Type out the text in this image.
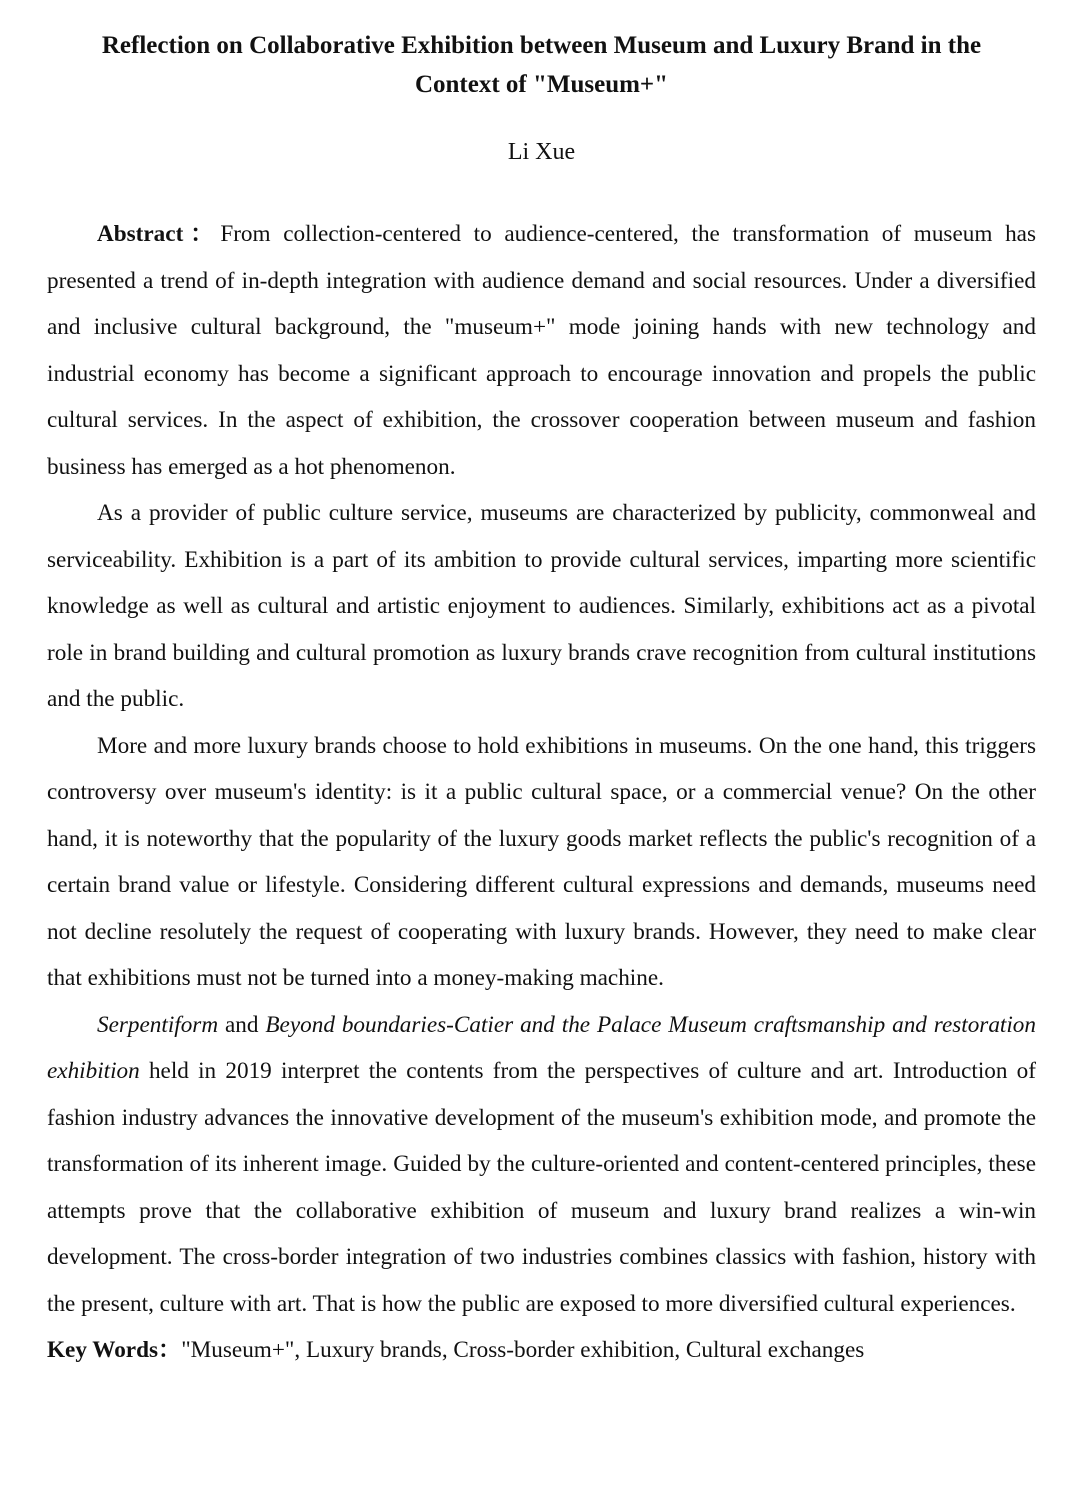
Reflection on Collaborative Exhibition between Museum and Luxury Brand in the
Context of "Museum+"
Li Xue

Abstract：From collection-centered to audience-centered, the transformation of museum has presented a trend of in-depth integration with audience demand and social resources. Under a diversified and inclusive cultural background, the "museum+" mode joining hands with new technology and industrial economy has become a significant approach to encourage innovation and propels the public cultural services. In the aspect of exhibition, the crossover cooperation between museum and fashion business has emerged as a hot phenomenon.

As a provider of public culture service, museums are characterized by publicity, commonweal and serviceability. Exhibition is a part of its ambition to provide cultural services, imparting more scientific knowledge as well as cultural and artistic enjoyment to audiences. Similarly, exhibitions act as a pivotal role in brand building and cultural promotion as luxury brands crave recognition from cultural institutions and the public.

More and more luxury brands choose to hold exhibitions in museums. On the one hand, this triggers controversy over museum's identity: is it a public cultural space, or a commercial venue? On the other hand, it is noteworthy that the popularity of the luxury goods market reflects the public's recognition of a certain brand value or lifestyle. Considering different cultural expressions and demands, museums need not decline resolutely the request of cooperating with luxury brands. However, they need to make clear that exhibitions must not be turned into a money-making machine.

Serpentiform and Beyond boundaries-Catier and the Palace Museum craftsmanship and restoration exhibition held in 2019 interpret the contents from the perspectives of culture and art. Introduction of fashion industry advances the innovative development of the museum's exhibition mode, and promote the transformation of its inherent image. Guided by the culture-oriented and content-centered principles, these attempts prove that the collaborative exhibition of museum and luxury brand realizes a win-win development. The cross-border integration of two industries combines classics with fashion, history with the present, culture with art. That is how the public are exposed to more diversified cultural experiences.

Key Words："Museum+", Luxury brands, Cross-border exhibition, Cultural exchanges
